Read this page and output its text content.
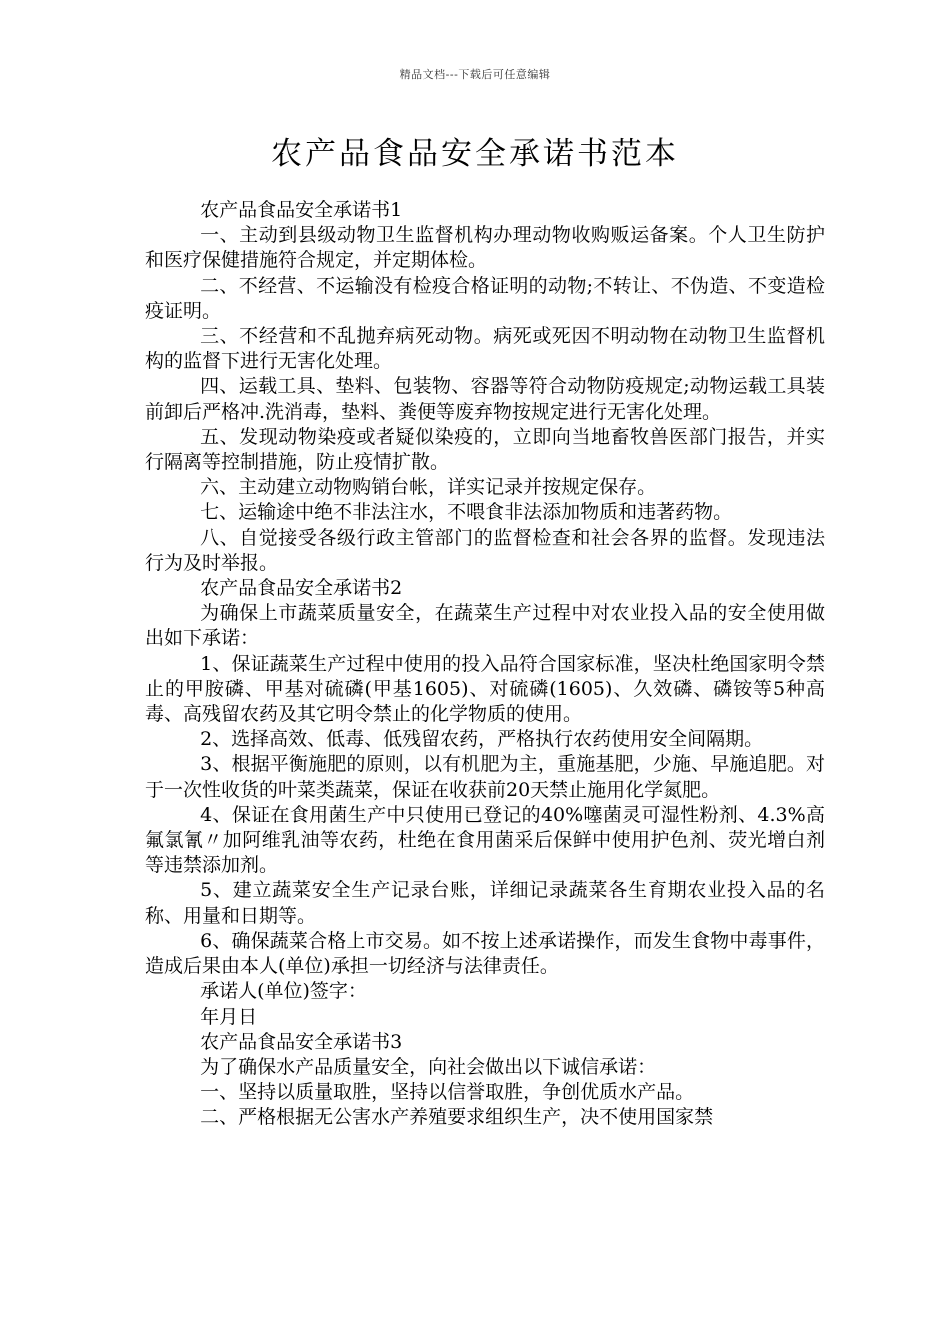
精品文档---下载后可任意编辑
农产品食品安全承诺书范本

农产品食品安全承诺书1

一、主动到县级动物卫生监督机构办理动物收购贩运备案。个人卫生防护和医疗保健措施符合规定，并定期体检。

二、不经营、不运输没有检疫合格证明的动物;不转让、不伪造、不变造检疫证明。

三、不经营和不乱抛弃病死动物。病死或死因不明动物在动物卫生监督机构的监督下进行无害化处理。

四、运载工具、垫料、包装物、容器等符合动物防疫规定;动物运载工具装前卸后严格冲.洗消毒，垫料、粪便等废弃物按规定进行无害化处理。

五、发现动物染疫或者疑似染疫的，立即向当地畜牧兽医部门报告，并实行隔离等控制措施，防止疫情扩散。

六、主动建立动物购销台帐，详实记录并按规定保存。

七、运输途中绝不非法注水，不喂食非法添加物质和违著药物。

八、自觉接受各级行政主管部门的监督检查和社会各界的监督。发现违法行为及时举报。

农产品食品安全承诺书2

为确保上市蔬菜质量安全，在蔬菜生产过程中对农业投入品的安全使用做出如下承诺：

1、保证蔬菜生产过程中使用的投入品符合国家标准，坚决杜绝国家明令禁止的甲胺磷、甲基对硫磷(甲基1605)、对硫磷(1605)、久效磷、磷铵等5种高毒、高残留农药及其它明令禁止的化学物质的使用。

2、选择高效、低毒、低残留农药，严格执行农药使用安全间隔期。

3、根据平衡施肥的原则，以有机肥为主，重施基肥，少施、早施追肥。对于一次性收货的叶菜类蔬菜，保证在收获前20天禁止施用化学氮肥。

4、保证在食用菌生产中只使用已登记的40%噻菌灵可湿性粉剂、4.3%高氟氯氰〃加阿维乳油等农药，杜绝在食用菌采后保鲜中使用护色剂、荧光增白剂等违禁添加剂。

5、建立蔬菜安全生产记录台账，详细记录蔬菜各生育期农业投入品的名称、用量和日期等。

6、确保蔬菜合格上市交易。如不按上述承诺操作，而发生食物中毒事件，造成后果由本人(单位)承担一切经济与法律责任。

承诺人(单位)签字：

年月日

农产品食品安全承诺书3

为了确保水产品质量安全，向社会做出以下诚信承诺：

一、坚持以质量取胜，坚持以信誉取胜，争创优质水产品。

二、严格根据无公害水产养殖要求组织生产，决不使用国家禁
